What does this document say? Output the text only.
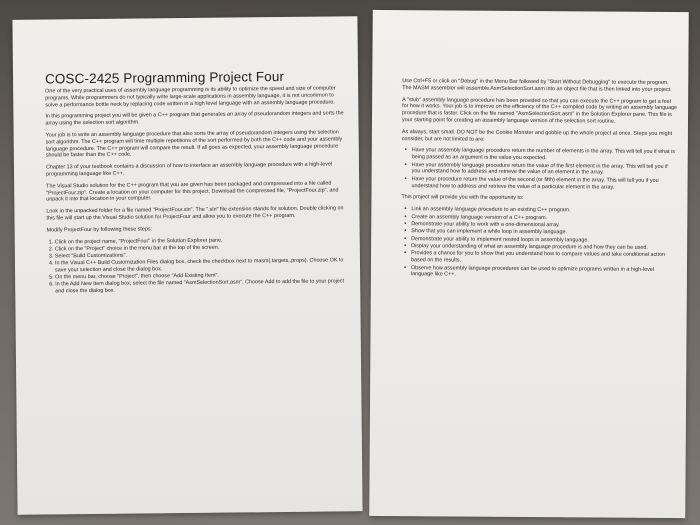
COSC-2425 Programming Project Four

One of the very practical uses of assembly language programming is its ability to optimize the speed and size of computer programs. While programmers do not typically write large-scale applications in assembly language, it is not uncommon to solve a performance bottle neck by replacing code written in a high level language with an assembly language procedure.

In this programming project you will be given a C++ program that generates an array of pseudorandom integers and sorts the array using the selection sort algorithm.

Your job is to write an assembly language procedure that also sorts the array of pseudorandom integers using the selection sort algorithm. The C++ program will time multiple repetitions of the sort performed by both the C++ code and your assembly language procedure. The C++ program will compare the result. If all goes as expected, your assembly language procedure should be faster than the C++ code.

Chapter 13 of your textbook contains a discussion of how to interface an assembly language procedure with a high-level programming language like C++.

The Visual Studio solution for the C++ program that you are given has been packaged and compressed into a file called "ProjectFour.zip". Create a location on your computer for this project. Download the compressed file, "ProjectFour.zip", and unpack it into that location in your computer.

Look in the unpacked folder for a file named "ProjectFour.sln". The ".sln" file extension stands for solution. Double clicking on this file will start up the Visual Studio solution for ProjectFour and allow you to execute the C++ program.

Modify ProjectFour by following these steps:

1. Click on the project name, "ProjectFour" in the Solution Explorer pane.
2. Click on the "Project" choice in the menu bar at the top of the screen.
3. Select "Build Customizations".
4. In the Visual C++ Build Customization Files dialog box, check the checkbox next to masm(.targets,.props). Choose OK to save your selection and close the dialog box.
5. On the menu bar, choose "Project", then choose "Add Existing Item".
6. In the Add New Item dialog box, select the file named "AsmSelectionSort.asm". Choose Add to add the file to your project and close the dialog box.

Use Ctrl+F5 or click on "Debug" in the Menu Bar followed by "Start Without Debugging" to execute the program. The MASM assembler will assemble AsmSelectionSort.asm into an object file that is then linked into your project.

A "stub" assembly language procedure has been provided so that you can execute the C++ program to get a feel for how it works. Your job is to improve on the efficiency of the C++ compiled code by writing an assembly language procedure that is faster. Click on the file named "AsmSelectionSort.asm" in the Solution Explorer pane. This file is your starting point for creating an assembly language version of the selection sort routine.

As always, start small. DO NOT be the Cookie Monster and gobble up the whole project at once. Steps you might consider, but are not limited to are:

• Have your assembly language procedure return the number of elements in the array. This will tell you if what is being passed as an argument is the value you expected.
• Have your assembly language procedure return the value of the first element in the array. This will tell you if you understand how to address and retrieve the value of an element in the array.
• Have your procedure return the value of the second (or fifth) element in the array. This will tell you if you understand how to address and retrieve the value of a particular element in the array.

This project will provide you with the opportunity to:

• Link an assembly language procedure to an existing C++ program.
• Create an assembly language version of a C++ program.
• Demonstrate your ability to work with a one-dimensional array.
• Show that you can implement a while loop in assembly language.
• Demonstrate your ability to implement nested loops in assembly language.
• Display your understanding of what an assembly language procedure is and how they can be used.
• Provides a chance for you to show that you understand how to compare values and take conditional action based on the results.
• Observe how assembly language procedures can be used to optimize programs written in a high-level language like C++.
